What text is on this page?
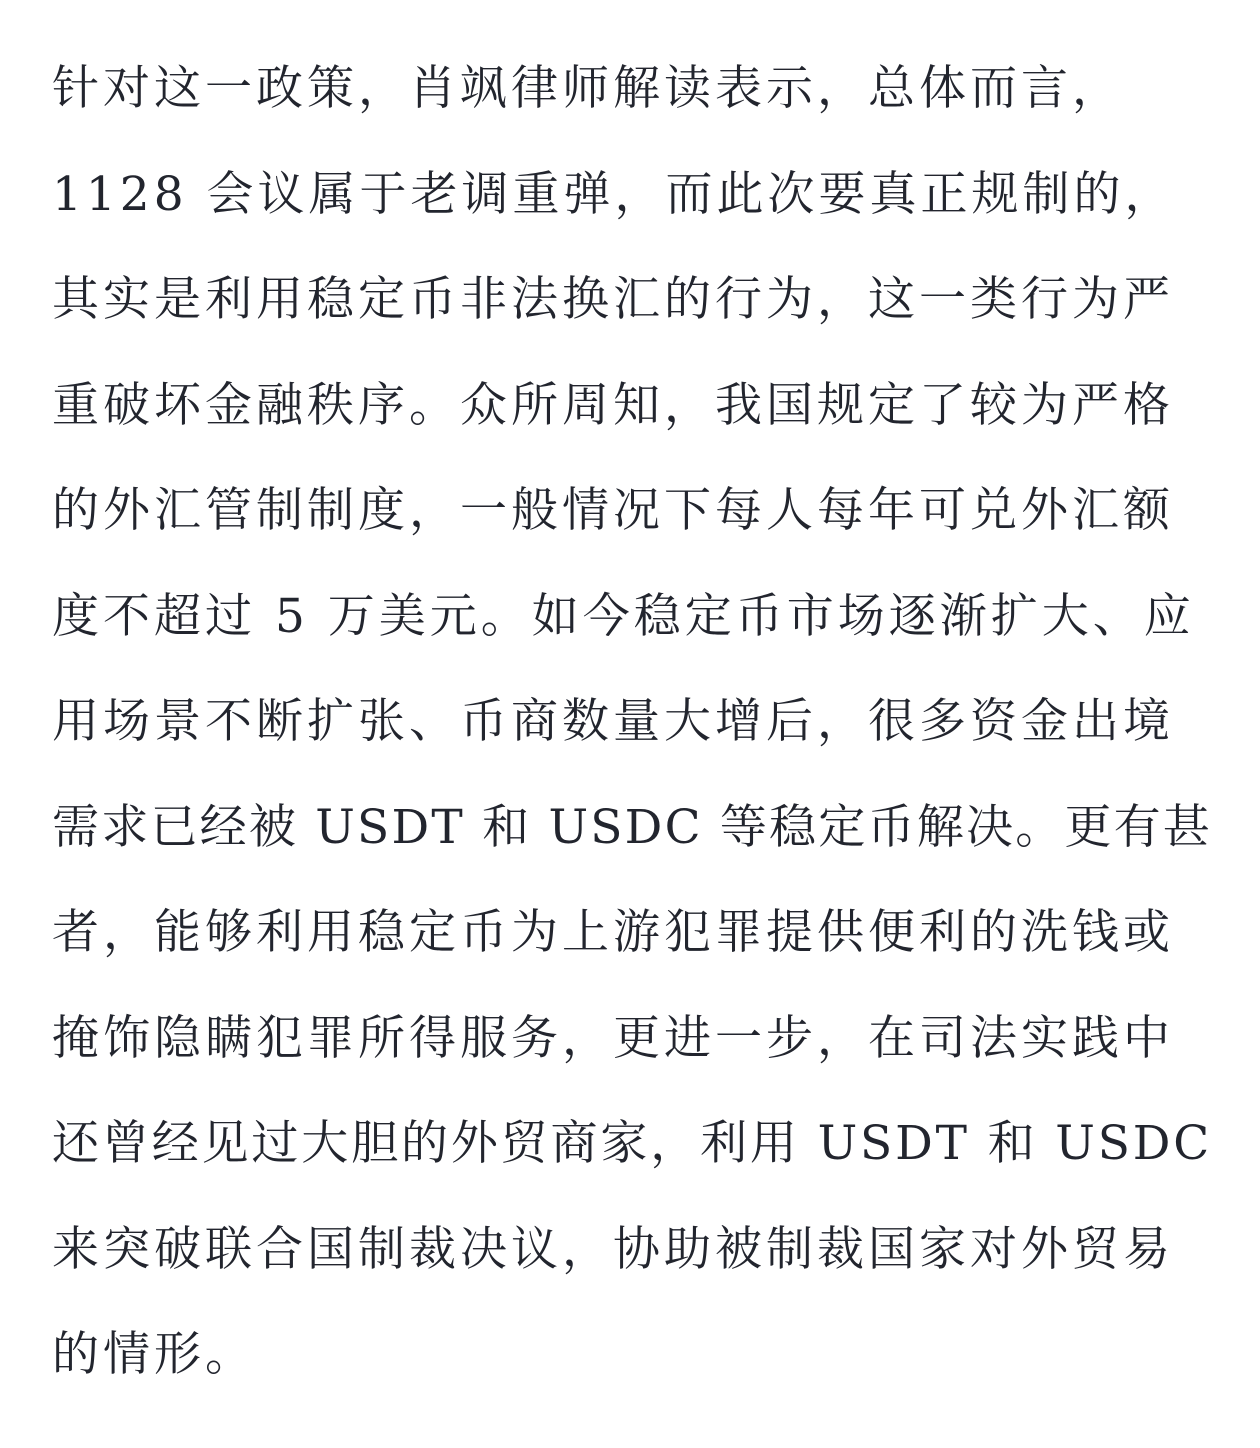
针对这一政策，肖飒律师解读表示，总体而言，
1128 会议属于老调重弹，而此次要真正规制的，
其实是利用稳定币非法换汇的行为，这一类行为严
重破坏金融秩序。众所周知，我国规定了较为严格
的外汇管制制度，一般情况下每人每年可兑外汇额
度不超过 5 万美元。如今稳定币市场逐渐扩大、应
用场景不断扩张、币商数量大增后，很多资金出境
需求已经被 USDT 和 USDC 等稳定币解决。更有甚
者，能够利用稳定币为上游犯罪提供便利的洗钱或
掩饰隐瞒犯罪所得服务，更进一步，在司法实践中
还曾经见过大胆的外贸商家，利用 USDT 和 USDC
来突破联合国制裁决议，协助被制裁国家对外贸易
的情形。
